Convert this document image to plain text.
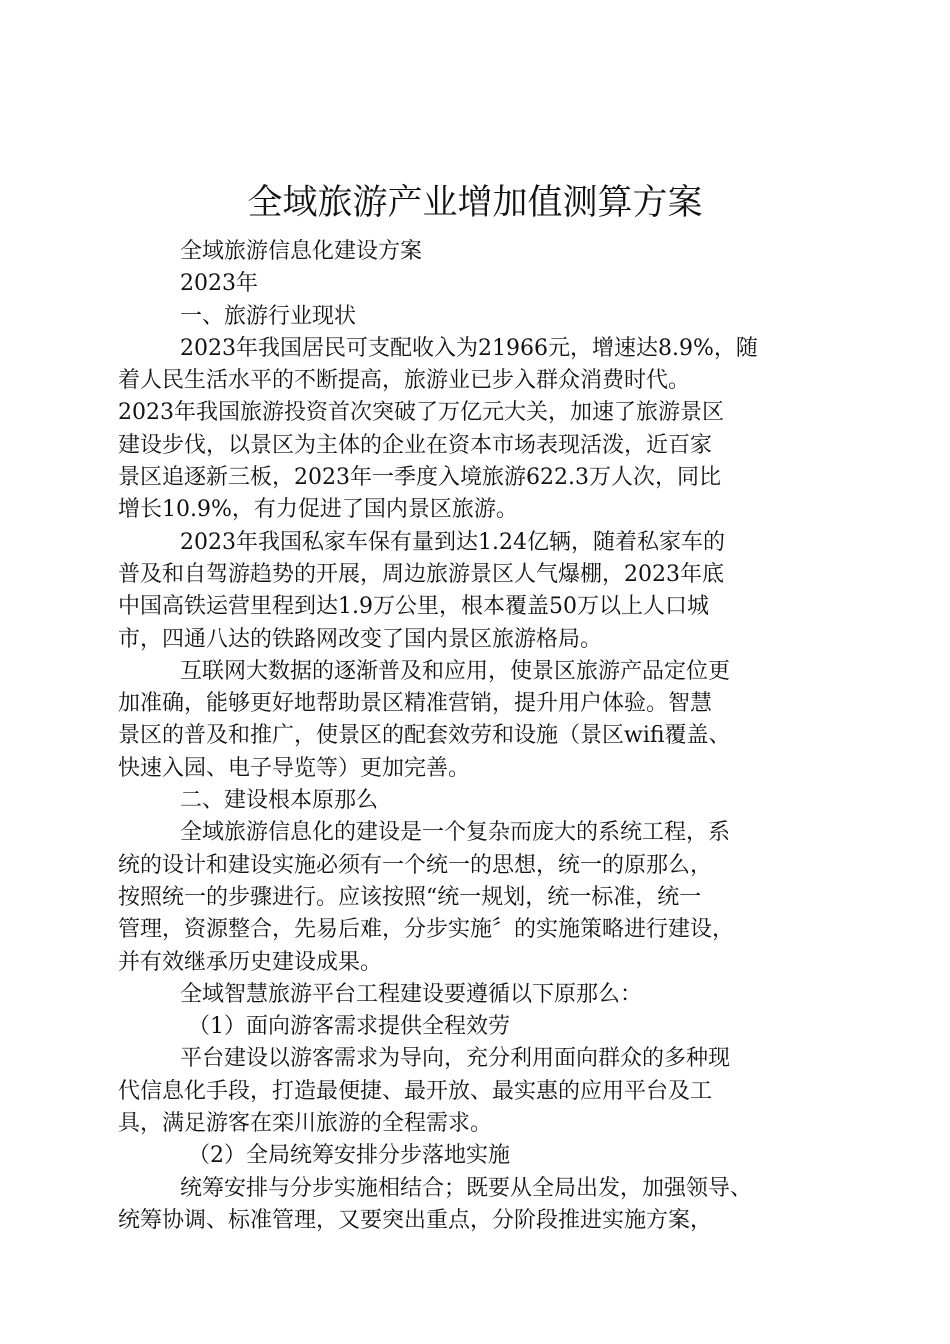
全域旅游产业增加值测算方案
全域旅游信息化建设方案
2023年
一、旅游行业现状
2023年我国居民可支配收入为21966元，增速达8.9%，随
着人民生活水平的不断提高，旅游业已步入群众消费时代。
2023年我国旅游投资首次突破了万亿元大关，加速了旅游景区
建设步伐，以景区为主体的企业在资本市场表现活泼，近百家
景区追逐新三板，2023年一季度入境旅游622.3万人次，同比
增长10.9%，有力促进了国内景区旅游。
2023年我国私家车保有量到达1.24亿辆，随着私家车的
普及和自驾游趋势的开展，周边旅游景区人气爆棚，2023年底
中国高铁运营里程到达1.9万公里，根本覆盖50万以上人口城
市，四通八达的铁路网改变了国内景区旅游格局。
互联网大数据的逐渐普及和应用，使景区旅游产品定位更
加准确，能够更好地帮助景区精准营销，提升用户体验。智慧
景区的普及和推广，使景区的配套效劳和设施（景区wifi覆盖、
快速入园、电子导览等）更加完善。
二、建设根本原那么
全域旅游信息化的建设是一个复杂而庞大的系统工程，系
统的设计和建设实施必须有一个统一的思想，统一的原那么，
按照统一的步骤进行。应该按照“统一规划，统一标准，统一
管理，资源整合，先易后难，分步实施〞的实施策略进行建设，
并有效继承历史建设成果。
全域智慧旅游平台工程建设要遵循以下原那么：
（1）面向游客需求提供全程效劳
平台建设以游客需求为导向，充分利用面向群众的多种现
代信息化手段，打造最便捷、最开放、最实惠的应用平台及工
具，满足游客在栾川旅游的全程需求。
（2）全局统筹安排分步落地实施
统筹安排与分步实施相结合；既要从全局出发，加强领导、
统筹协调、标准管理，又要突出重点，分阶段推进实施方案，
